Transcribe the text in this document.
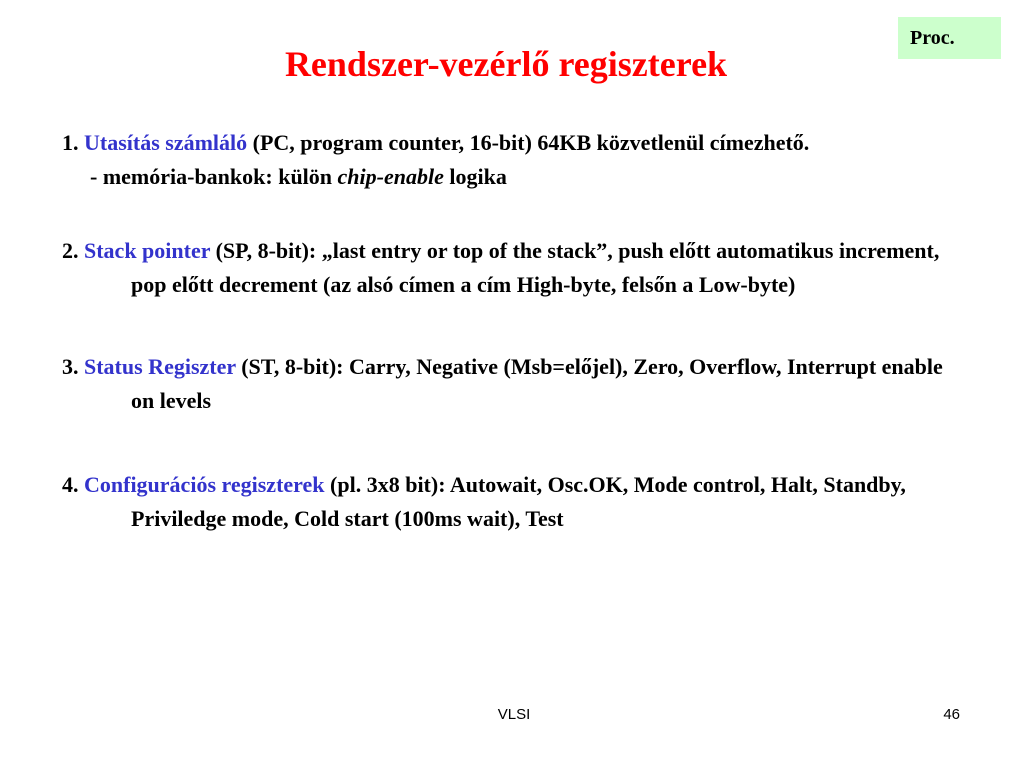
Proc.
Rendszer-vezérlő regiszterek

1. Utasítás számláló (PC, program counter, 16-bit) 64KB közvetlenül címezhető.

- memória-bankok: külön chip-enable logika

2. Stack pointer (SP, 8-bit): „last entry or top of the stack”, push előtt automatikus increment, pop előtt decrement (az alsó címen a cím High-byte, felsőn a Low-byte)

3. Status Regiszter (ST, 8-bit): Carry, Negative (Msb=előjel), Zero, Overflow, Interrupt enable on levels

4. Configurációs regiszterek (pl. 3x8 bit): Autowait, Osc.OK, Mode control, Halt, Standby, Priviledge mode, Cold start (100ms wait), Test

VLSI	46
